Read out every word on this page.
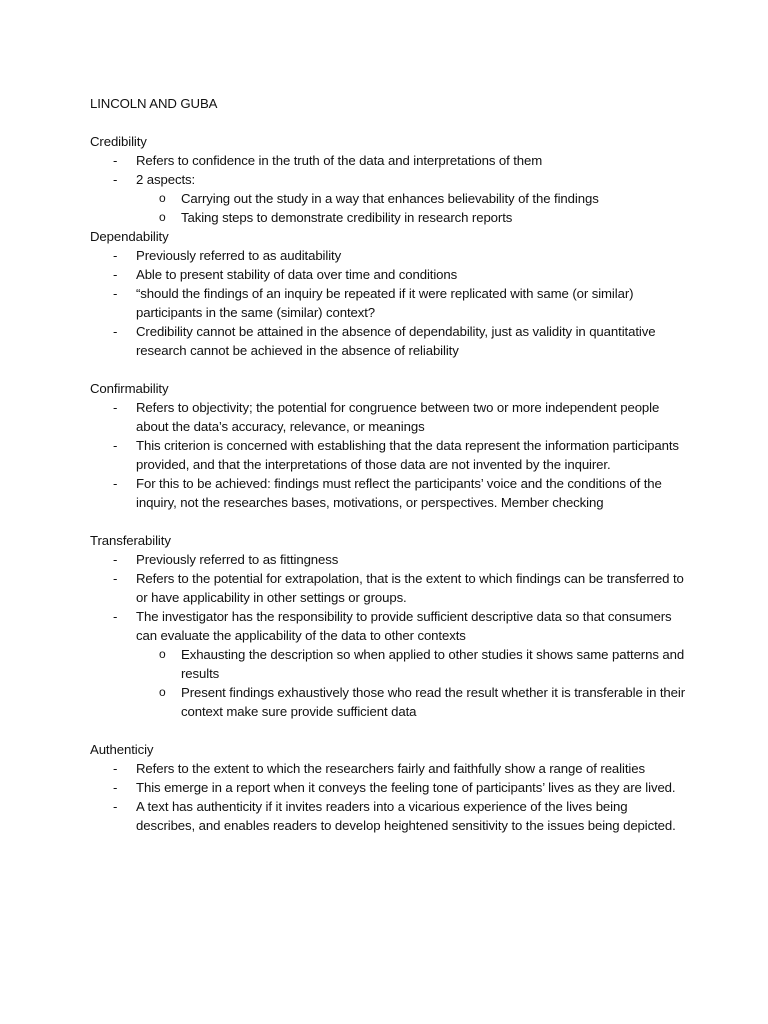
LINCOLN AND GUBA
Credibility
- Refers to confidence in the truth of the data and interpretations of them
- 2 aspects:
o Carrying out the study in a way that enhances believability of the findings
o Taking steps to demonstrate credibility in research reports
Dependability
- Previously referred to as auditability
- Able to present stability of data over time and conditions
- “should the findings of an inquiry be repeated if it were replicated with same (or similar) participants in the same (similar) context?
- Credibility cannot be attained in the absence of dependability, just as validity in quantitative research cannot be achieved in the absence of reliability
Confirmability
- Refers to objectivity; the potential for congruence between two or more independent people about the data’s accuracy, relevance, or meanings
- This criterion is concerned with establishing that the data represent the information participants provided, and that the interpretations of those data are not invented by the inquirer.
- For this to be achieved: findings must reflect the participants’ voice and the conditions of the inquiry, not the researches bases, motivations, or perspectives. Member checking
Transferability
- Previously referred to as fittingness
- Refers to the potential for extrapolation, that is the extent to which findings can be transferred to or have applicability in other settings or groups.
- The investigator has the responsibility to provide sufficient descriptive data so that consumers can evaluate the applicability of the data to other contexts
o Exhausting the description so when applied to other studies it shows same patterns and results
o Present findings exhaustively those who read the result whether it is transferable in their context make sure provide sufficient data
Authenticiy
- Refers to the extent to which the researchers fairly and faithfully show a range of realities
- This emerge in a report when it conveys the feeling tone of participants’ lives as they are lived.
- A text has authenticity if it invites readers into a vicarious experience of the lives being describes, and enables readers to develop heightened sensitivity to the issues being depicted.
